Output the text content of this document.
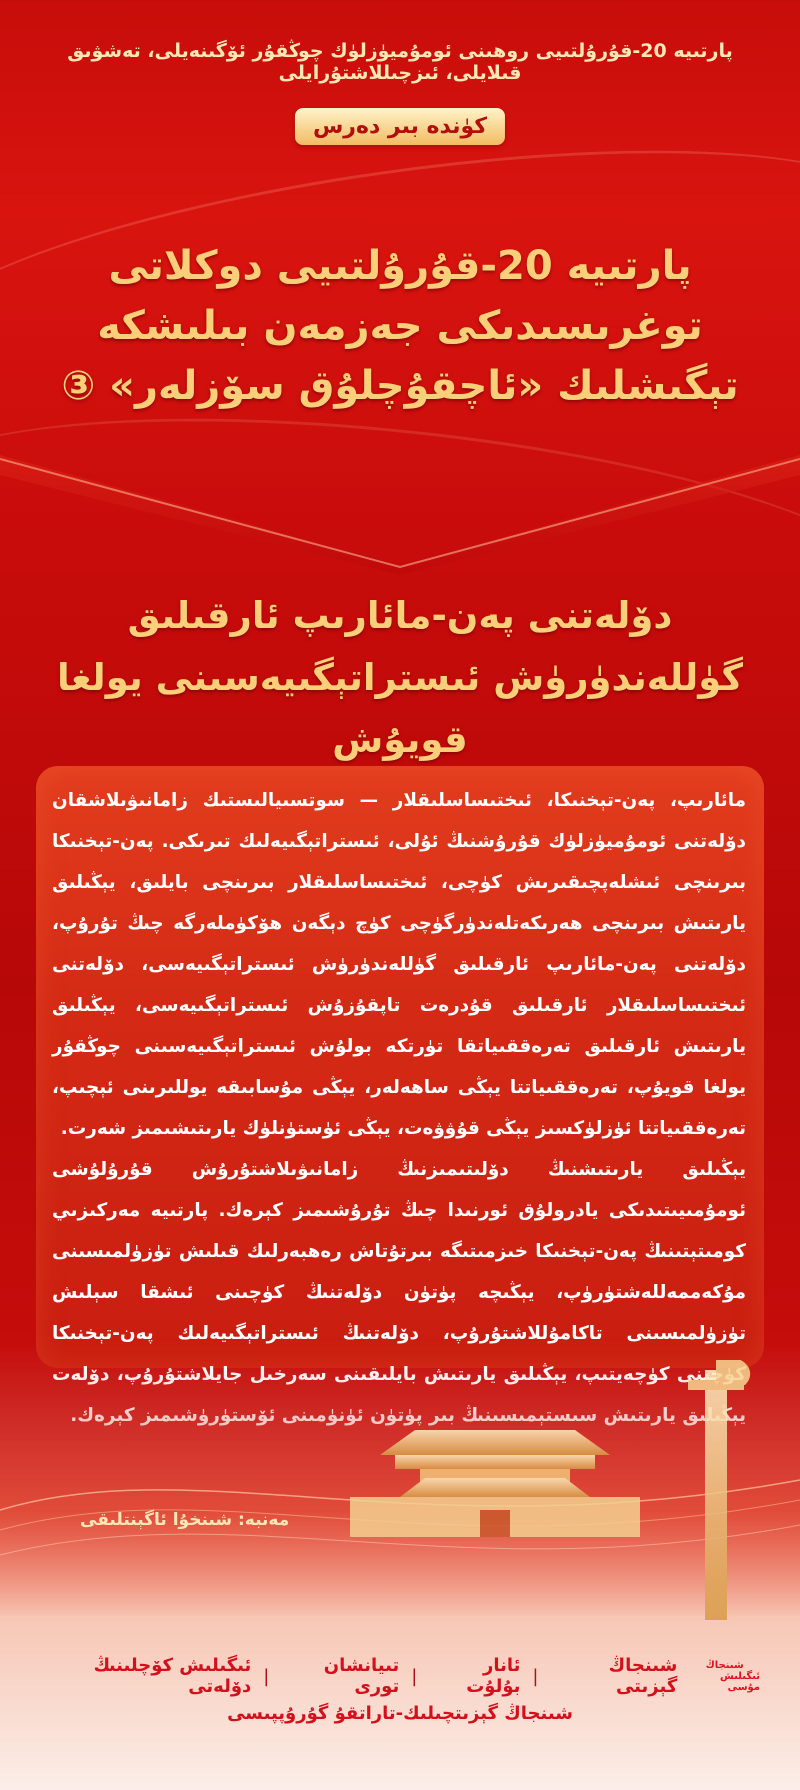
پارتىيە 20-قۇرۇلتىيى روھىنى ئومۇميۈزلۈك چوڭقۇر ئۆگىنەيلى، تەشۋىق قىلايلى، ئىزچىللاشتۇرايلى
كۈندە بىر دەرس
پارتىيە 20-قۇرۇلتىيى دوكلاتى
توغرىسىدىكى جەزمەن بىلىشكە
تېگىشلىك «ئاچقۇچلۇق سۆزلەر» ③
دۆلەتنى پەن-مائارىپ ئارقىلىق
گۈللەندۈرۈش ئىستراتېگىيەسىنى يولغا قويۇش

مائارىپ، پەن-تېخنىكا، ئىختىساسلىقلار — سوتسىيالىستىك زامانىۋىلاشقان دۆلەتنى ئومۇميۈزلۈك قۇرۇشنىڭ ئۇلى، ئىستراتېگىيەلىك تىرىكى. پەن-تېخنىكا بىرىنچى ئىشلەپچىقىرىش كۈچى، ئىختىساسلىقلار بىرىنچى بايلىق، يېڭىلىق يارىتىش بىرىنچى ھەرىكەتلەندۈرگۈچى كۈچ دېگەن ھۆكۈملەرگە چىڭ تۇرۇپ، دۆلەتنى پەن-مائارىپ ئارقىلىق گۈللەندۈرۈش ئىستراتېگىيەسى، دۆلەتنى ئىختىساسلىقلار ئارقىلىق قۇدرەت تاپقۇزۇش ئىستراتېگىيەسى، يېڭىلىق يارىتىش ئارقىلىق تەرەققىياتقا تۈرتكە بولۇش ئىستراتېگىيەسىنى چوڭقۇر يولغا قويۇپ، تەرەققىياتتا يېڭى ساھەلەر، يېڭى مۇسابىقە يوللىرىنى ئېچىپ، تەرەققىياتتا ئۈزلۈكسىز يېڭى قۇۋۋەت، يېڭى ئۈستۈنلۈك يارىتىشىمىز شەرت.

يېڭىلىق يارىتىشنىڭ دۆلىتىمىزنىڭ زامانىۋىلاشتۇرۇش قۇرۇلۇشى ئومۇمىيىتىدىكى يادرولۇق ئورنىدا چىڭ تۇرۇشىمىز كېرەك. پارتىيە مەركىزىي كومىتېتىنىڭ پەن-تېخنىكا خىزمىتىگە بىرتۇتاش رەھبەرلىك قىلىش تۈزۈلمىسىنى مۇكەممەللەشتۈرۈپ، يېڭىچە پۈتۈن دۆلەتنىڭ كۈچىنى ئىشقا سېلىش تۈزۈلمىسىنى تاكامۇللاشتۇرۇپ، دۆلەتنىڭ ئىستراتېگىيەلىك پەن-تېخنىكا

مەنبە: شىنخۇا ئاگېنتلىقى
شىنجاڭ
ئىگىلىش مۇسى
شىنجاڭ گېزىتى
|
ئانار بۇلۇت
|
تىيانشان تورى
|
ئىگىلىش كۆچلىنىڭ دۆلەتى
شىنجاڭ گېزىتچىلىك-تاراتقۇ گۇرۇپپىسى
